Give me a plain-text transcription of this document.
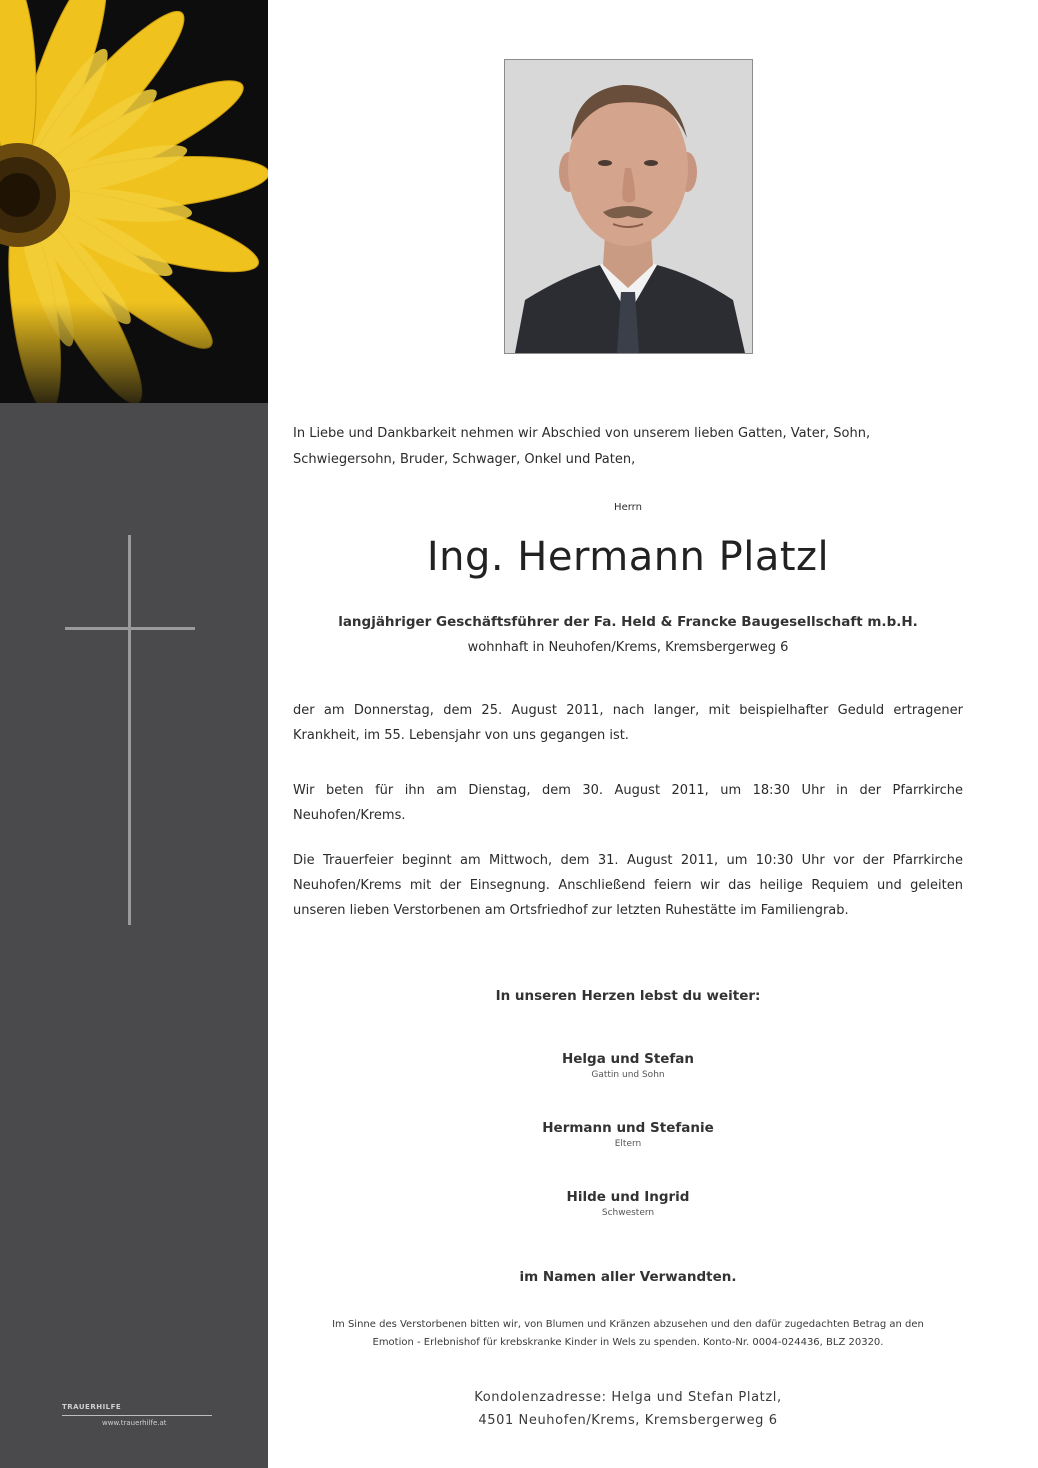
TRAUERHILFE
www.trauerhilfe.at

In Liebe und Dankbarkeit nehmen wir Abschied von unserem lieben Gatten, Vater, Sohn, Schwiegersohn, Bruder, Schwager, Onkel und Paten,

Herrn

Ing. Hermann Platzl

langjähriger Geschäftsführer der Fa. Held & Francke Baugesellschaft m.b.H.

wohnhaft in Neuhofen/Krems, Kremsbergerweg 6

der am Donnerstag, dem 25. August 2011, nach langer, mit beispielhafter Geduld ertragener Krankheit, im 55. Lebensjahr von uns gegangen ist.

Wir beten für ihn am Dienstag, dem 30. August 2011, um 18:30 Uhr in der Pfarrkirche Neuhofen/Krems.

Die Trauerfeier beginnt am Mittwoch, dem 31. August 2011, um 10:30 Uhr vor der Pfarrkirche Neuhofen/Krems mit der Einsegnung. Anschließend feiern wir das heilige Requiem und geleiten unseren lieben Verstorbenen am Ortsfriedhof zur letzten Ruhestätte im Familiengrab.

In unseren Herzen lebst du weiter:

Helga und Stefan
Gattin und Sohn
Hermann und Stefanie
Eltern
Hilde und Ingrid
Schwestern

im Namen aller Verwandten.

Im Sinne des Verstorbenen bitten wir, von Blumen und Kränzen abzusehen und den dafür zugedachten Betrag an den Emotion - Erlebnishof für krebskranke Kinder in Wels zu spenden. Konto-Nr. 0004-024436, BLZ 20320.

Kondolenzadresse: Helga und Stefan Platzl,
4501 Neuhofen/Krems, Kremsbergerweg 6
